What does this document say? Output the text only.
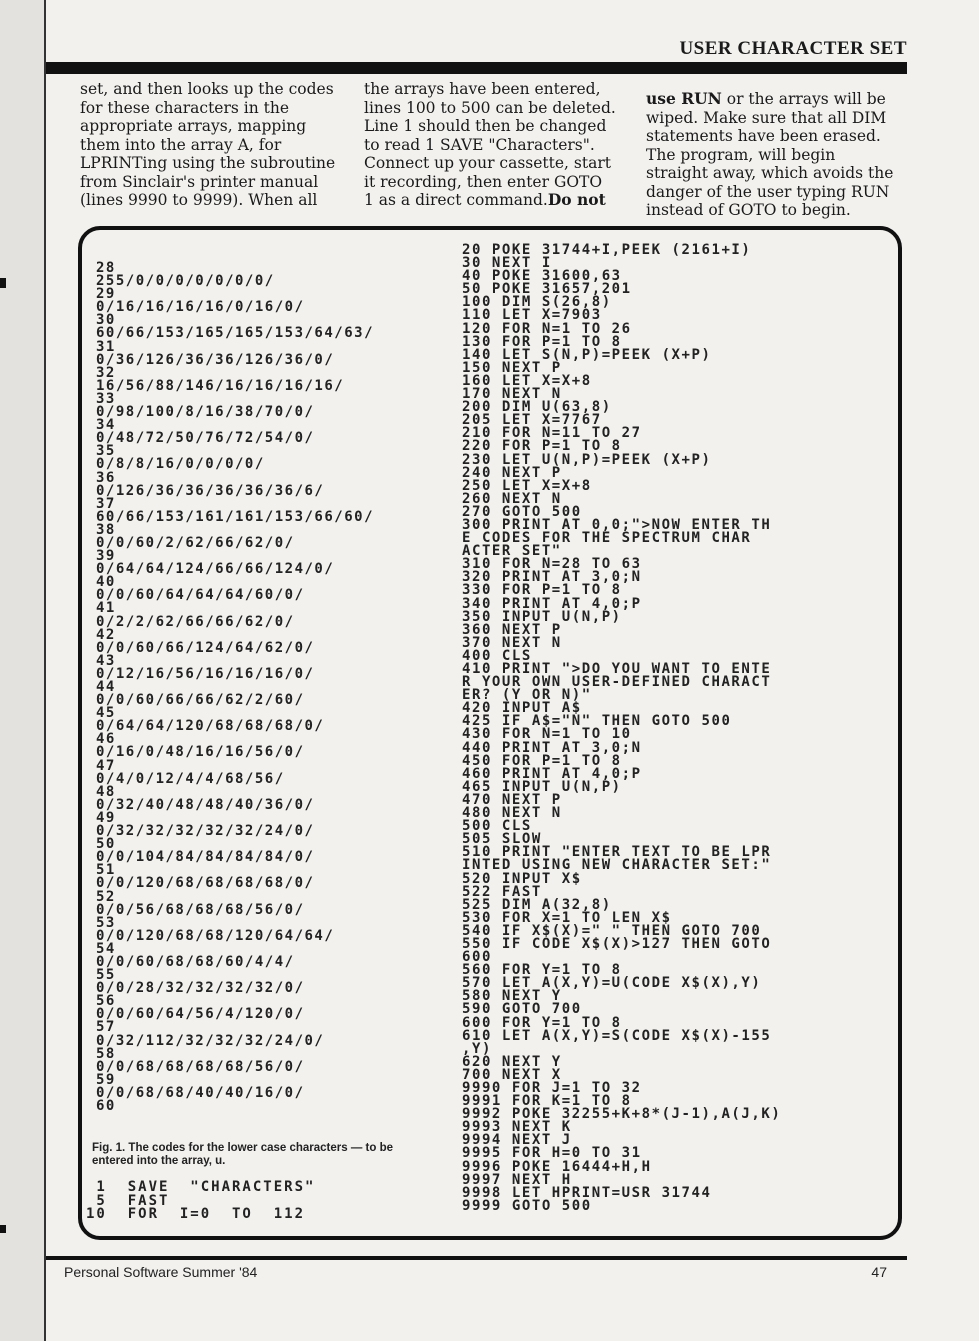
USER CHARACTER SET
set, and then looks up the codes
for these characters in the
appropriate arrays, mapping
them into the array A, for
LPRINTing using the subroutine
from Sinclair's printer manual
(lines 9990 to 9999). When all
the arrays have been entered,
lines 100 to 500 can be deleted.
Line 1 should then be changed
to read 1 SAVE "Characters".
Connect up your cassette, start
it recording, then enter GOTO
1 as a direct command.Do not
use RUN or the arrays will be
wiped. Make sure that all DIM
statements have been erased.
The program, will begin
straight away, which avoids the
danger of the user typing RUN
instead of GOTO to begin.
28
255/0/0/0/0/0/0/0/
29
0/16/16/16/16/0/16/0/
30
60/66/153/165/165/153/64/63/
31
0/36/126/36/36/126/36/0/
32
16/56/88/146/16/16/16/16/
33
0/98/100/8/16/38/70/0/
34
0/48/72/50/76/72/54/0/
35
0/8/8/16/0/0/0/0/
36
0/126/36/36/36/36/36/6/
37
60/66/153/161/161/153/66/60/
38
0/0/60/2/62/66/62/0/
39
0/64/64/124/66/66/124/0/
40
0/0/60/64/64/64/60/0/
41
0/2/2/62/66/66/62/0/
42
0/0/60/66/124/64/62/0/
43
0/12/16/56/16/16/16/0/
44
0/0/60/66/66/62/2/60/
45
0/64/64/120/68/68/68/0/
46
0/16/0/48/16/16/56/0/
47
0/4/0/12/4/4/68/56/
48
0/32/40/48/48/40/36/0/
49
0/32/32/32/32/32/24/0/
50
0/0/104/84/84/84/84/0/
51
0/0/120/68/68/68/68/0/
52
0/0/56/68/68/68/56/0/
53
0/0/120/68/68/120/64/64/
54
0/0/60/68/68/60/4/4/
55
0/0/28/32/32/32/32/0/
56
0/0/60/64/56/4/120/0/
57
0/32/112/32/32/32/24/0/
58
0/0/68/68/68/68/56/0/
59
0/0/68/68/40/40/16/0/
60
Fig. 1. The codes for the lower case characters — to be entered into the array, u.
1  SAVE  "CHARACTERS"
5  FAST
10  FOR  I=0  TO  112
20 POKE 31744+I,PEEK (2161+I)
30 NEXT I
40 POKE 31600,63
50 POKE 31657,201
100 DIM S(26,8)
110 LET X=7903
120 FOR N=1 TO 26
130 FOR P=1 TO 8
140 LET S(N,P)=PEEK (X+P)
150 NEXT P
160 LET X=X+8
170 NEXT N
200 DIM U(63,8)
205 LET X=7767
210 FOR N=11 TO 27
220 FOR P=1 TO 8
230 LET U(N,P)=PEEK (X+P)
240 NEXT P
250 LET X=X+8
260 NEXT N
270 GOTO 500
300 PRINT AT 0,0;">NOW ENTER TH
E CODES FOR THE SPECTRUM CHAR
ACTER SET"
310 FOR N=28 TO 63
320 PRINT AT 3,0;N
330 FOR P=1 TO 8
340 PRINT AT 4,0;P
350 INPUT U(N,P)
360 NEXT P
370 NEXT N
400 CLS
410 PRINT ">DO YOU WANT TO ENTE
R YOUR OWN USER-DEFINED CHARACT
ER? (Y OR N)"
420 INPUT A$
425 IF A$="N" THEN GOTO 500
430 FOR N=1 TO 10
440 PRINT AT 3,0;N
450 FOR P=1 TO 8
460 PRINT AT 4,0;P
465 INPUT U(N,P)
470 NEXT P
480 NEXT N
500 CLS
505 SLOW
510 PRINT "ENTER TEXT TO BE LPR
INTED USING NEW CHARACTER SET:"
520 INPUT X$
522 FAST
525 DIM A(32,8)
530 FOR X=1 TO LEN X$
540 IF X$(X)=" " THEN GOTO 700
550 IF CODE X$(X)>127 THEN GOTO
600
560 FOR Y=1 TO 8
570 LET A(X,Y)=U(CODE X$(X),Y)
580 NEXT Y
590 GOTO 700
600 FOR Y=1 TO 8
610 LET A(X,Y)=S(CODE X$(X)-155
,Y)
620 NEXT Y
700 NEXT X
9990 FOR J=1 TO 32
9991 FOR K=1 TO 8
9992 POKE 32255+K+8*(J-1),A(J,K)
9993 NEXT K
9994 NEXT J
9995 FOR H=0 TO 31
9996 POKE 16444+H,H
9997 NEXT H
9998 LET HPRINT=USR 31744
9999 GOTO 500
Personal Software Summer '84	47
